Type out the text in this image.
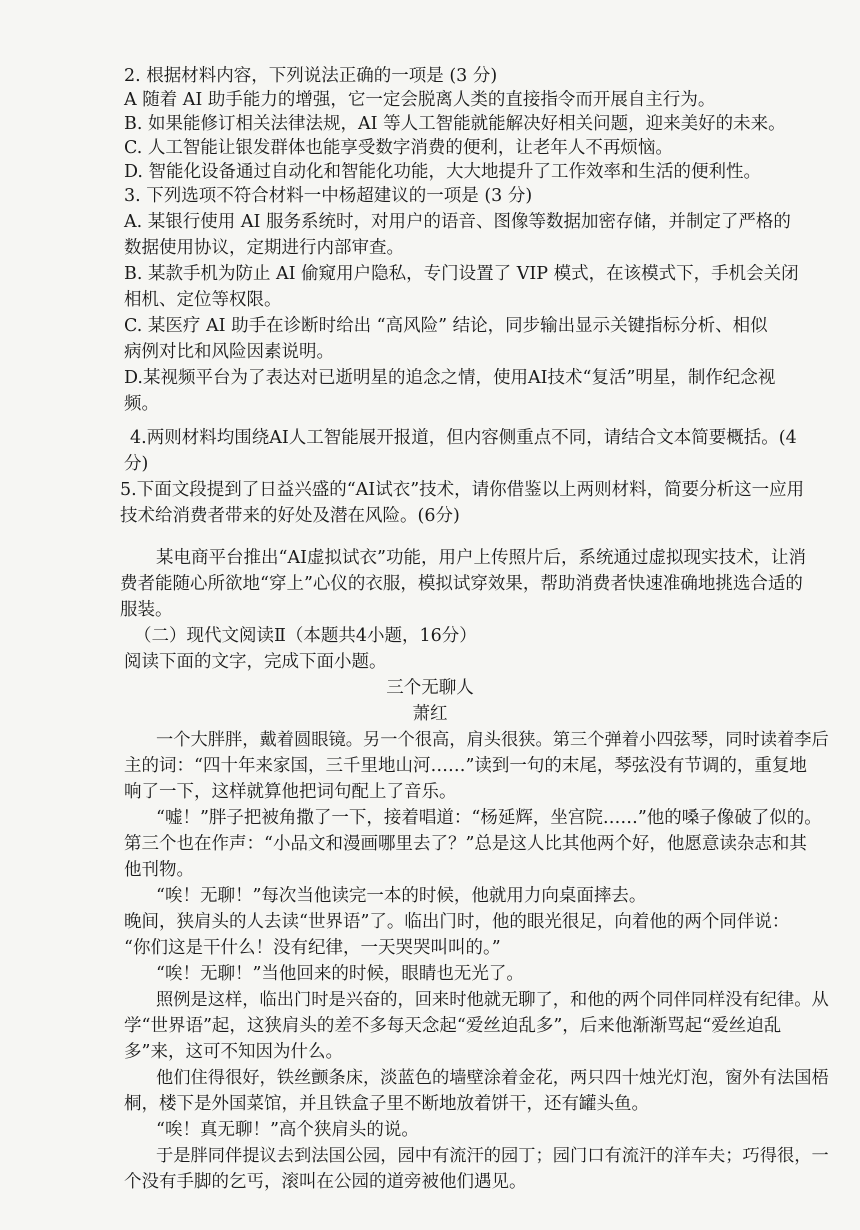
2. 根据材料内容，下列说法正确的一项是 (3 分)
A 随着 AI 助手能力的增强，它一定会脱离人类的直接指令而开展自主行为。
B. 如果能修订相关法律法规，AI 等人工智能就能解决好相关问题，迎来美好的未来。
C. 人工智能让银发群体也能享受数字消费的便利，让老年人不再烦恼。
D. 智能化设备通过自动化和智能化功能，大大地提升了工作效率和生活的便利性。
3. 下列选项不符合材料一中杨超建议的一项是 (3 分)
A. 某银行使用 AI 服务系统时，对用户的语音、图像等数据加密存储，并制定了严格的
数据使用协议，定期进行内部审查。
B. 某款手机为防止 AI 偷窥用户隐私，专门设置了 VIP 模式，在该模式下，手机会关闭
相机、定位等权限。
C. 某医疗 AI 助手在诊断时给出 “高风险” 结论，同步输出显示关键指标分析、相似
病例对比和风险因素说明。
D.某视频平台为了表达对已逝明星的追念之情，使用AI技术“复活”明星，制作纪念视
频。
4.两则材料均围绕AI人工智能展开报道，但内容侧重点不同，请结合文本简要概括。(4
分)
5.下面文段提到了日益兴盛的“AI试衣”技术，请你借鉴以上两则材料，简要分析这一应用
技术给消费者带来的好处及潜在风险。(6分)
某电商平台推出“AI虚拟试衣”功能，用户上传照片后，系统通过虚拟现实技术，让消
费者能随心所欲地“穿上”心仪的衣服，模拟试穿效果，帮助消费者快速准确地挑选合适的
服装。
（二）现代文阅读Ⅱ（本题共4小题，16分）
阅读下面的文字，完成下面小题。
三个无聊人
萧红
一个大胖胖，戴着圆眼镜。另一个很高，肩头很狭。第三个弹着小四弦琴，同时读着李后
主的词：“四十年来家国，三千里地山河……”读到一句的末尾，琴弦没有节调的，重复地
响了一下，这样就算他把词句配上了音乐。
“嘘！”胖子把被角撒了一下，接着唱道：“杨延辉，坐宫院……”他的嗓子像破了似的。
第三个也在作声：“小品文和漫画哪里去了？”总是这人比其他两个好，他愿意读杂志和其
他刊物。
“唉！无聊！”每次当他读完一本的时候，他就用力向桌面摔去。
晚间，狭肩头的人去读“世界语”了。临出门时，他的眼光很足，向着他的两个同伴说：
“你们这是干什么！没有纪律，一天哭哭叫叫的。”
“唉！无聊！”当他回来的时候，眼睛也无光了。
照例是这样，临出门时是兴奋的，回来时他就无聊了，和他的两个同伴同样没有纪律。从
学“世界语”起，这狭肩头的差不多每天念起“爱丝迫乱多”，后来他渐渐骂起“爱丝迫乱
多”来，这可不知因为什么。
他们住得很好，铁丝颤条床，淡蓝色的墙壁涂着金花，两只四十烛光灯泡，窗外有法国梧
桐，楼下是外国菜馆，并且铁盒子里不断地放着饼干，还有罐头鱼。
“唉！真无聊！”高个狭肩头的说。
于是胖同伴提议去到法国公园，园中有流汗的园丁；园门口有流汗的洋车夫；巧得很，一
个没有手脚的乞丐，滚叫在公园的道旁被他们遇见。
